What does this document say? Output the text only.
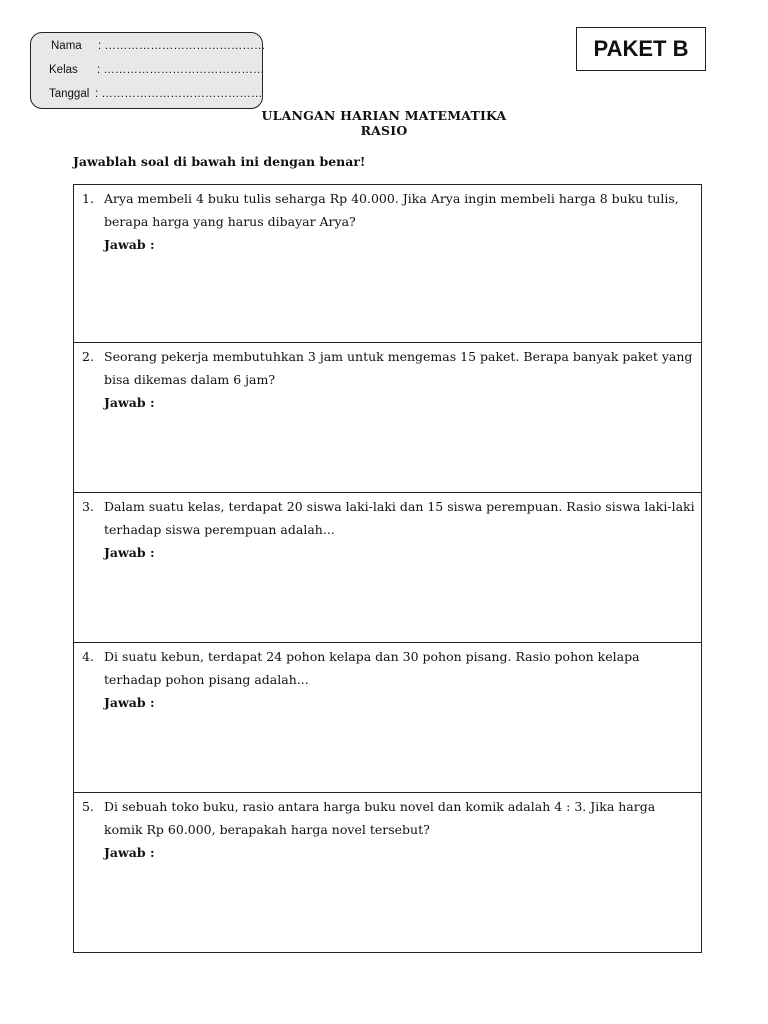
Nama : ……………………………………
Kelas : ……………………………………
Tanggal : ……………………………………
PAKET B
ULANGAN HARIAN MATEMATIKA
RASIO
Jawablah soal di bawah ini dengan benar!
1. Arya membeli 4 buku tulis seharga Rp 40.000. Jika Arya ingin membeli harga 8 buku tulis, berapa harga yang harus dibayar Arya?
Jawab :
2. Seorang pekerja membutuhkan 3 jam untuk mengemas 15 paket. Berapa banyak paket yang bisa dikemas dalam 6 jam?
Jawab :
3. Dalam suatu kelas, terdapat 20 siswa laki-laki dan 15 siswa perempuan. Rasio siswa laki-laki terhadap siswa perempuan adalah...
Jawab :
4. Di suatu kebun, terdapat 24 pohon kelapa dan 30 pohon pisang. Rasio pohon kelapa terhadap pohon pisang adalah...
Jawab :
5. Di sebuah toko buku, rasio antara harga buku novel dan komik adalah 4 : 3. Jika harga komik Rp 60.000, berapakah harga novel tersebut?
Jawab :
